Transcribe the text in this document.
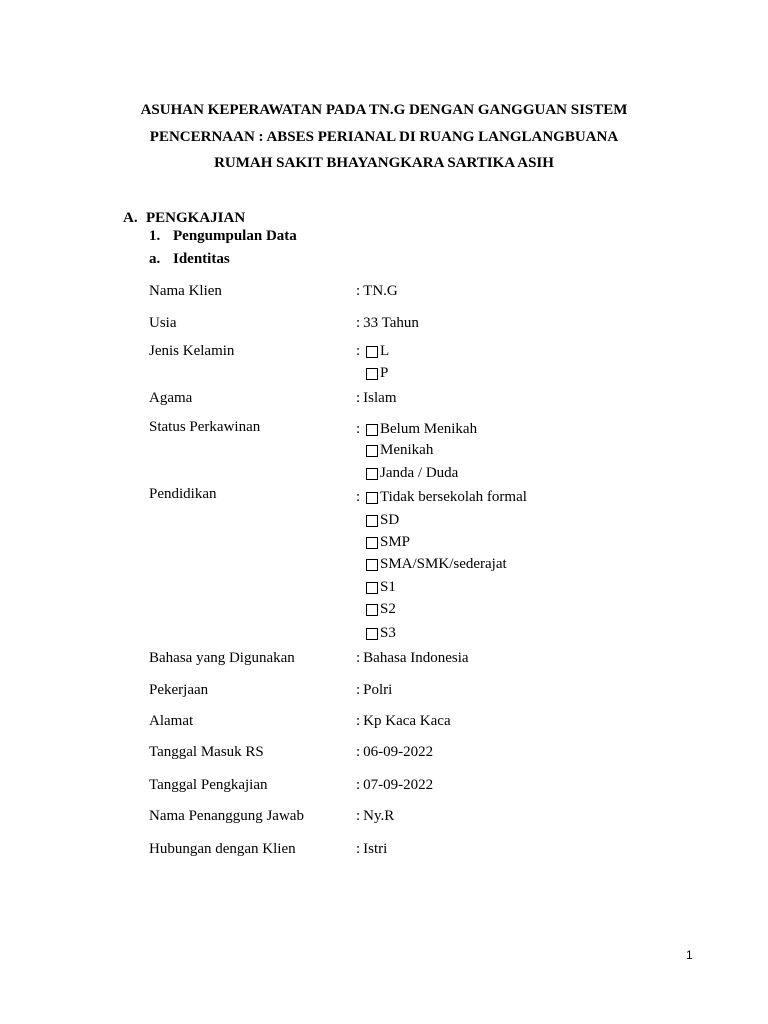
ASUHAN KEPERAWATAN PADA TN.G DENGAN GANGGUAN SISTEM
PENCERNAAN : ABSES PERIANAL DI RUANG LANGLANGBUANA
RUMAH SAKIT BHAYANGKARA SARTIKA ASIH
A. PENGKAJIAN
1. Pengumpulan Data
a. Identitas
Nama Klien	: TN.G
Usia	: 33 Tahun
Jenis Kelamin	: L
P
Agama	: Islam
Status Perkawinan	: Belum Menikah
Menikah
Janda / Duda
Pendidikan	: Tidak bersekolah formal
SD
SMP
SMA/SMK/sederajat
S1
S2
S3
Bahasa yang Digunakan	: Bahasa Indonesia
Pekerjaan	: Polri
Alamat	: Kp Kaca Kaca
Tanggal Masuk RS	: 06-09-2022
Tanggal Pengkajian	: 07-09-2022
Nama Penanggung Jawab	: Ny.R
Hubungan dengan Klien	: Istri
1
